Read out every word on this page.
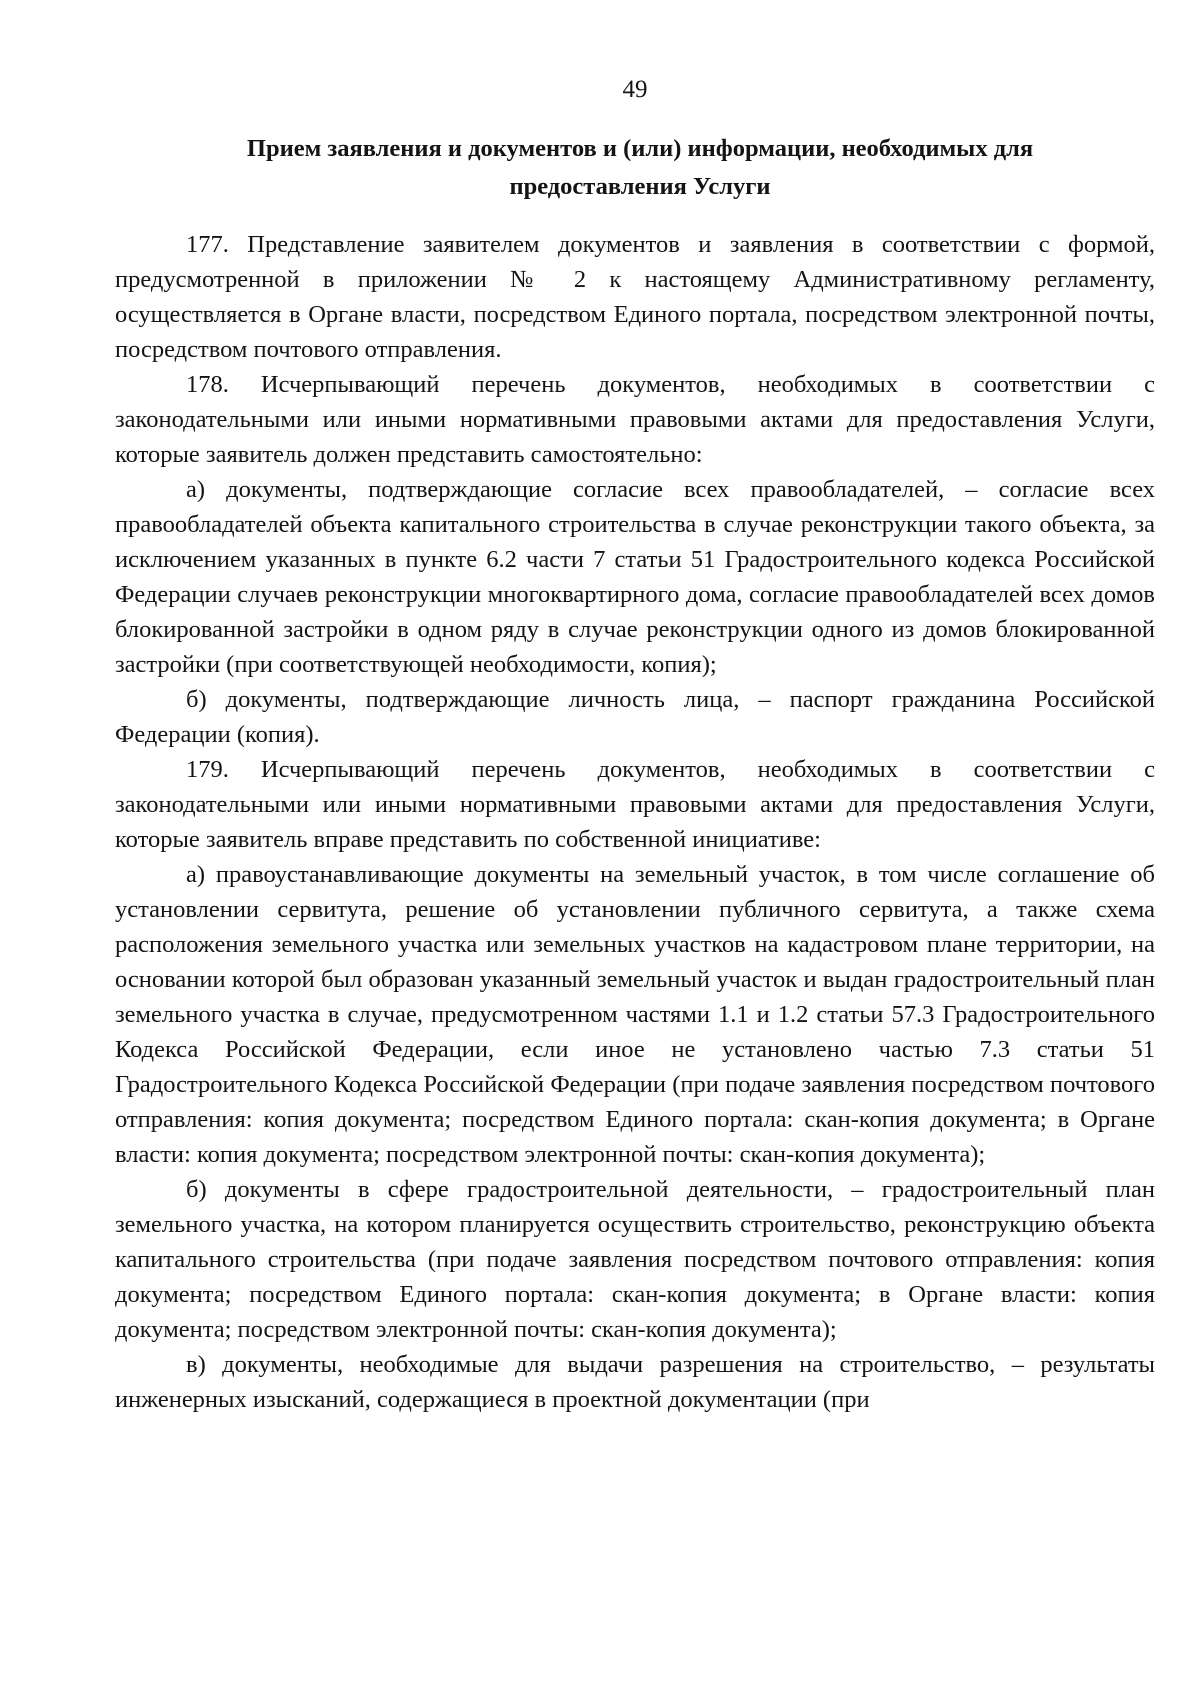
49
Прием заявления и документов и (или) информации, необходимых для
предоставления Услуги

177. Представление заявителем документов и заявления в соответствии с формой, предусмотренной в приложении № 2 к настоящему Административному регламенту, осуществляется в Органе власти, посредством Единого портала, посредством электронной почты, посредством почтового отправления.

178. Исчерпывающий перечень документов, необходимых в соответствии с законодательными или иными нормативными правовыми актами для предоставления Услуги, которые заявитель должен представить самостоятельно:

а) документы, подтверждающие согласие всех правообладателей, – согласие всех правообладателей объекта капитального строительства в случае реконструкции такого объекта, за исключением указанных в пункте 6.2 части 7 статьи 51 Градостроительного кодекса Российской Федерации случаев реконструкции многоквартирного дома, согласие правообладателей всех домов блокированной застройки в одном ряду в случае реконструкции одного из домов блокированной застройки (при соответствующей необходимости, копия);

б) документы, подтверждающие личность лица, – паспорт гражданина Российской Федерации (копия).

179. Исчерпывающий перечень документов, необходимых в соответствии с законодательными или иными нормативными правовыми актами для предоставления Услуги, которые заявитель вправе представить по собственной инициативе:

а) правоустанавливающие документы на земельный участок, в том числе соглашение об установлении сервитута, решение об установлении публичного сервитута, а также схема расположения земельного участка или земельных участков на кадастровом плане территории, на основании которой был образован указанный земельный участок и выдан градостроительный план земельного участка в случае, предусмотренном частями 1.1 и 1.2 статьи 57.3 Градостроительного Кодекса Российской Федерации, если иное не установлено частью 7.3 статьи 51 Градостроительного Кодекса Российской Федерации (при подаче заявления посредством почтового отправления: копия документа; посредством Единого портала: скан-копия документа; в Органе власти: копия документа; посредством электронной почты: скан-копия документа);

б) документы в сфере градостроительной деятельности, – градостроительный план земельного участка, на котором планируется осуществить строительство, реконструкцию объекта капитального строительства (при подаче заявления посредством почтового отправления: копия документа; посредством Единого портала: скан-копия документа; в Органе власти: копия документа; посредством электронной почты: скан-копия документа);

в) документы, необходимые для выдачи разрешения на строительство, – результаты инженерных изысканий, содержащиеся в проектной документации (при
